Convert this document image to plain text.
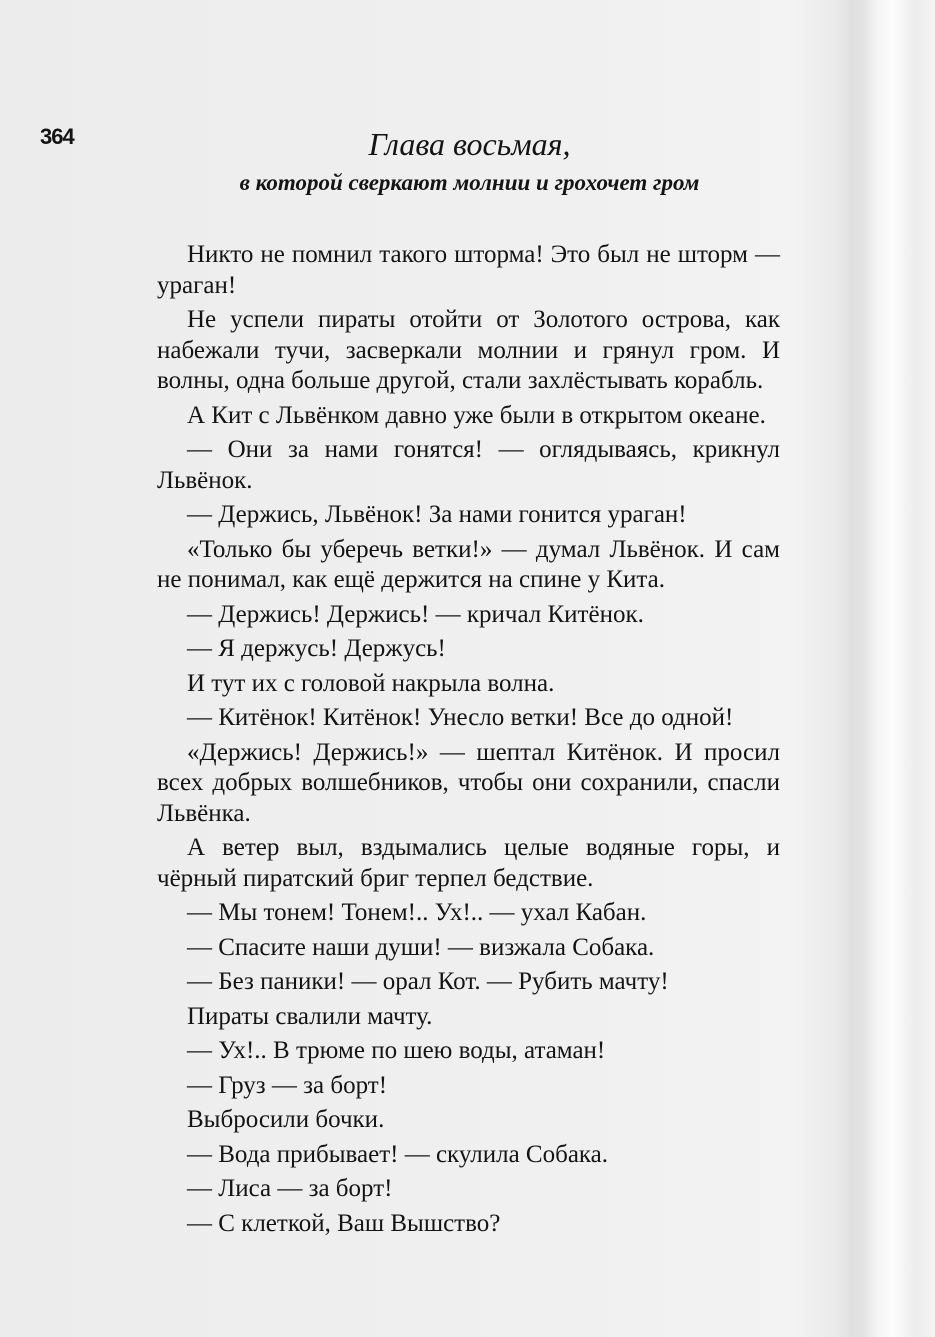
364	Глава восьмая,
в которой сверкают молнии и грохочет гром

Никто не помнил такого шторма! Это был не шторм — ураган!

Не успели пираты отойти от Золотого острова, как набежали тучи, засверкали молнии и грянул гром. И волны, одна больше другой, стали захлёстывать корабль.

А Кит с Львёнком давно уже были в открытом океане.

— Они за нами гонятся! — оглядываясь, крикнул Львёнок.

— Держись, Львёнок! За нами гонится ураган!

«Только бы уберечь ветки!» — думал Львёнок. И сам не понимал, как ещё держится на спине у Кита.

— Держись! Держись! — кричал Китёнок.

— Я держусь! Держусь!

И тут их с головой накрыла волна.

— Китёнок! Китёнок! Унесло ветки! Все до одной!

«Держись! Держись!» — шептал Китёнок. И просил всех добрых волшебников, чтобы они сохранили, спасли Львёнка.

А ветер выл, вздымались целые водяные горы, и чёрный пиратский бриг терпел бедствие.

— Мы тонем! Тонем!.. Ух!.. — ухал Кабан.

— Спасите наши души! — визжала Собака.

— Без паники! — орал Кот. — Рубить мачту!

Пираты свалили мачту.

— Ух!.. В трюме по шею воды, атаман!

— Груз — за борт!

Выбросили бочки.

— Вода прибывает! — скулила Собака.

— Лиса — за борт!

— С клеткой, Ваш Вышство?
